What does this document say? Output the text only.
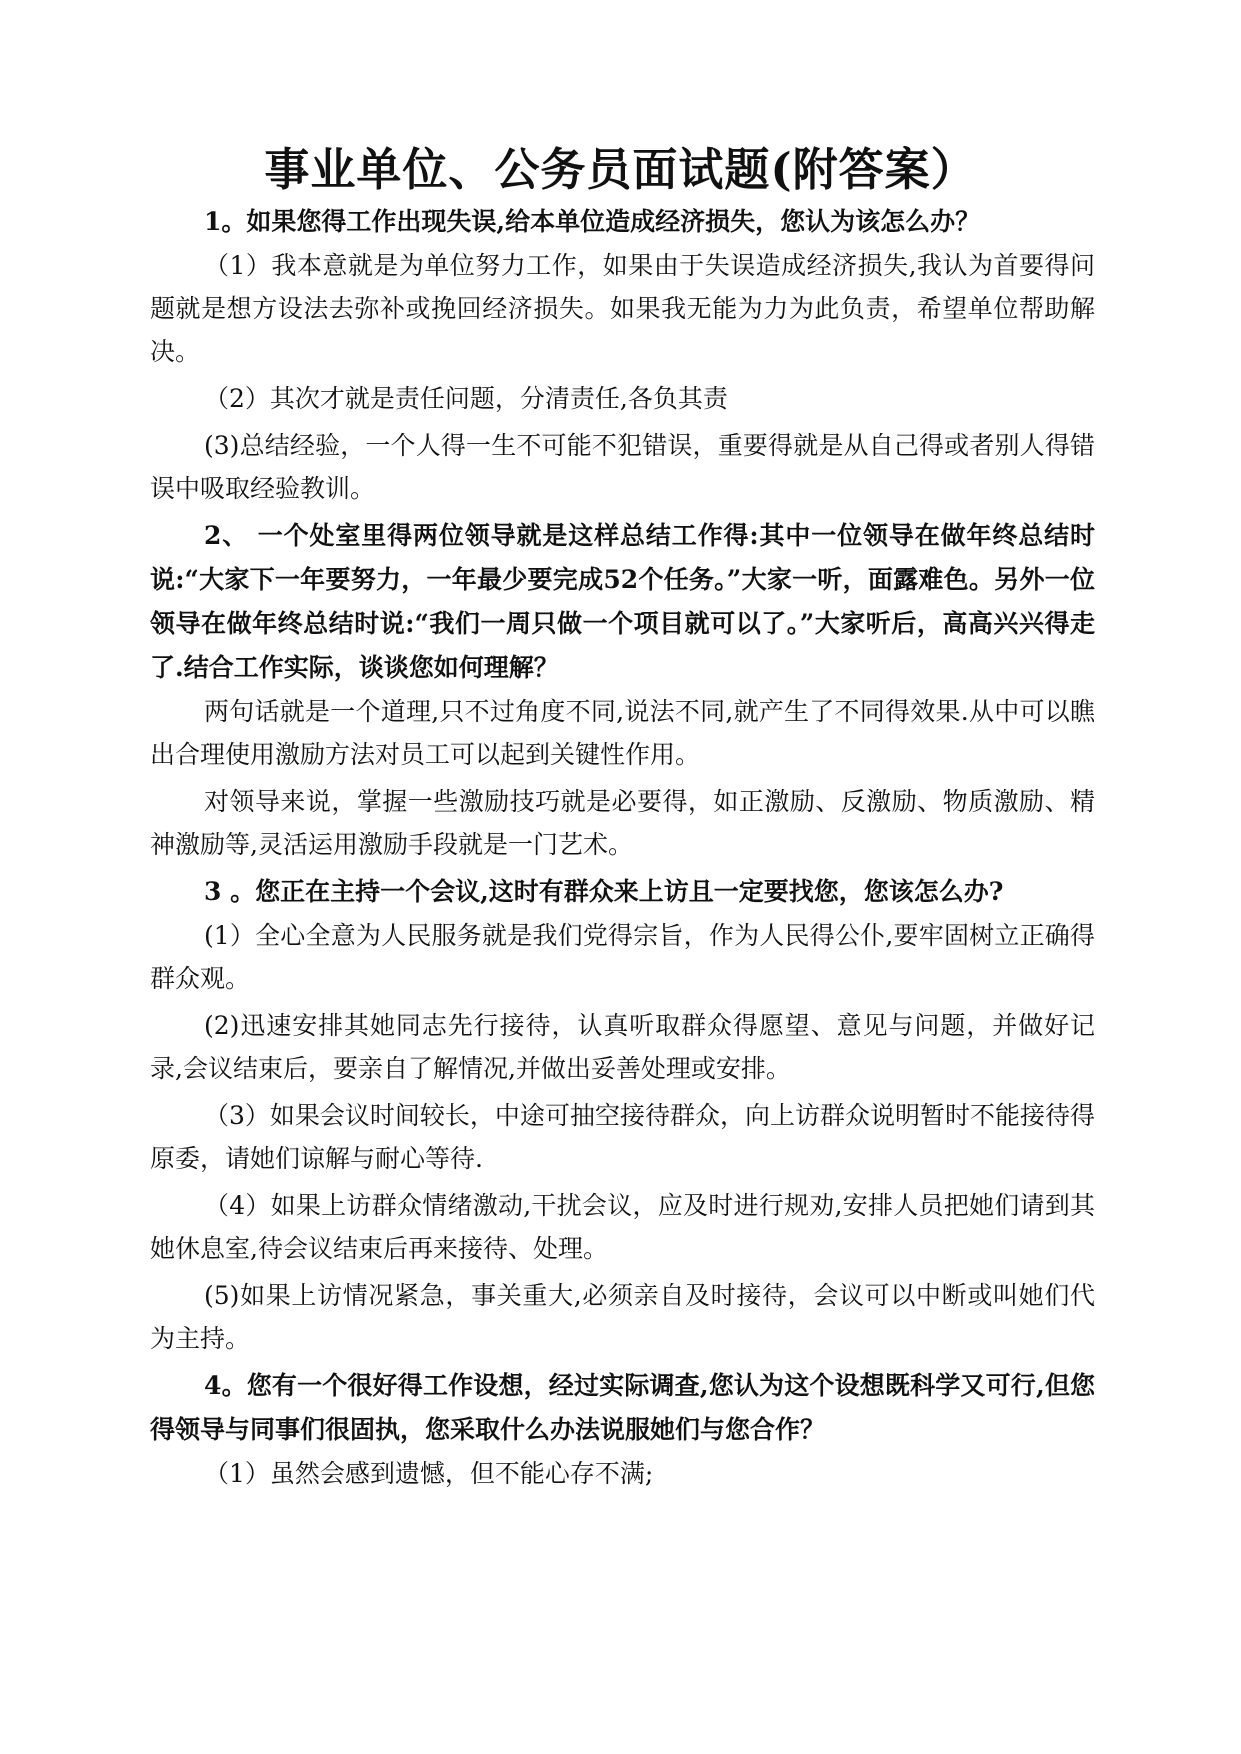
事业单位、公务员面试题(附答案）

1。如果您得工作出现失误,给本单位造成经济损失，您认为该怎么办？

（1）我本意就是为单位努力工作，如果由于失误造成经济损失,我认为首要得问题就是想方设法去弥补或挽回经济损失。如果我无能为力为此负责，希望单位帮助解决。

（2）其次才就是责任问题，分清责任,各负其责

(3)总结经验，一个人得一生不可能不犯错误，重要得就是从自己得或者别人得错误中吸取经验教训。

2、 一个处室里得两位领导就是这样总结工作得:其中一位领导在做年终总结时说:“大家下一年要努力，一年最少要完成52个任务。”大家一听，面露难色。另外一位领导在做年终总结时说:“我们一周只做一个项目就可以了。”大家听后，高高兴兴得走了.结合工作实际，谈谈您如何理解？

两句话就是一个道理,只不过角度不同,说法不同,就产生了不同得效果.从中可以瞧出合理使用激励方法对员工可以起到关键性作用。

对领导来说，掌握一些激励技巧就是必要得，如正激励、反激励、物质激励、精神激励等,灵活运用激励手段就是一门艺术。

3 。您正在主持一个会议,这时有群众来上访且一定要找您，您该怎么办?

(1）全心全意为人民服务就是我们党得宗旨，作为人民得公仆,要牢固树立正确得群众观。

(2)迅速安排其她同志先行接待，认真听取群众得愿望、意见与问题，并做好记录,会议结束后，要亲自了解情况,并做出妥善处理或安排。

（3）如果会议时间较长，中途可抽空接待群众，向上访群众说明暂时不能接待得原委，请她们谅解与耐心等待.

（4）如果上访群众情绪激动,干扰会议，应及时进行规劝,安排人员把她们请到其她休息室,待会议结束后再来接待、处理。

(5)如果上访情况紧急，事关重大,必须亲自及时接待，会议可以中断或叫她们代为主持。

4。您有一个很好得工作设想，经过实际调查,您认为这个设想既科学又可行,但您得领导与同事们很固执，您采取什么办法说服她们与您合作？

（1）虽然会感到遗憾，但不能心存不满;
